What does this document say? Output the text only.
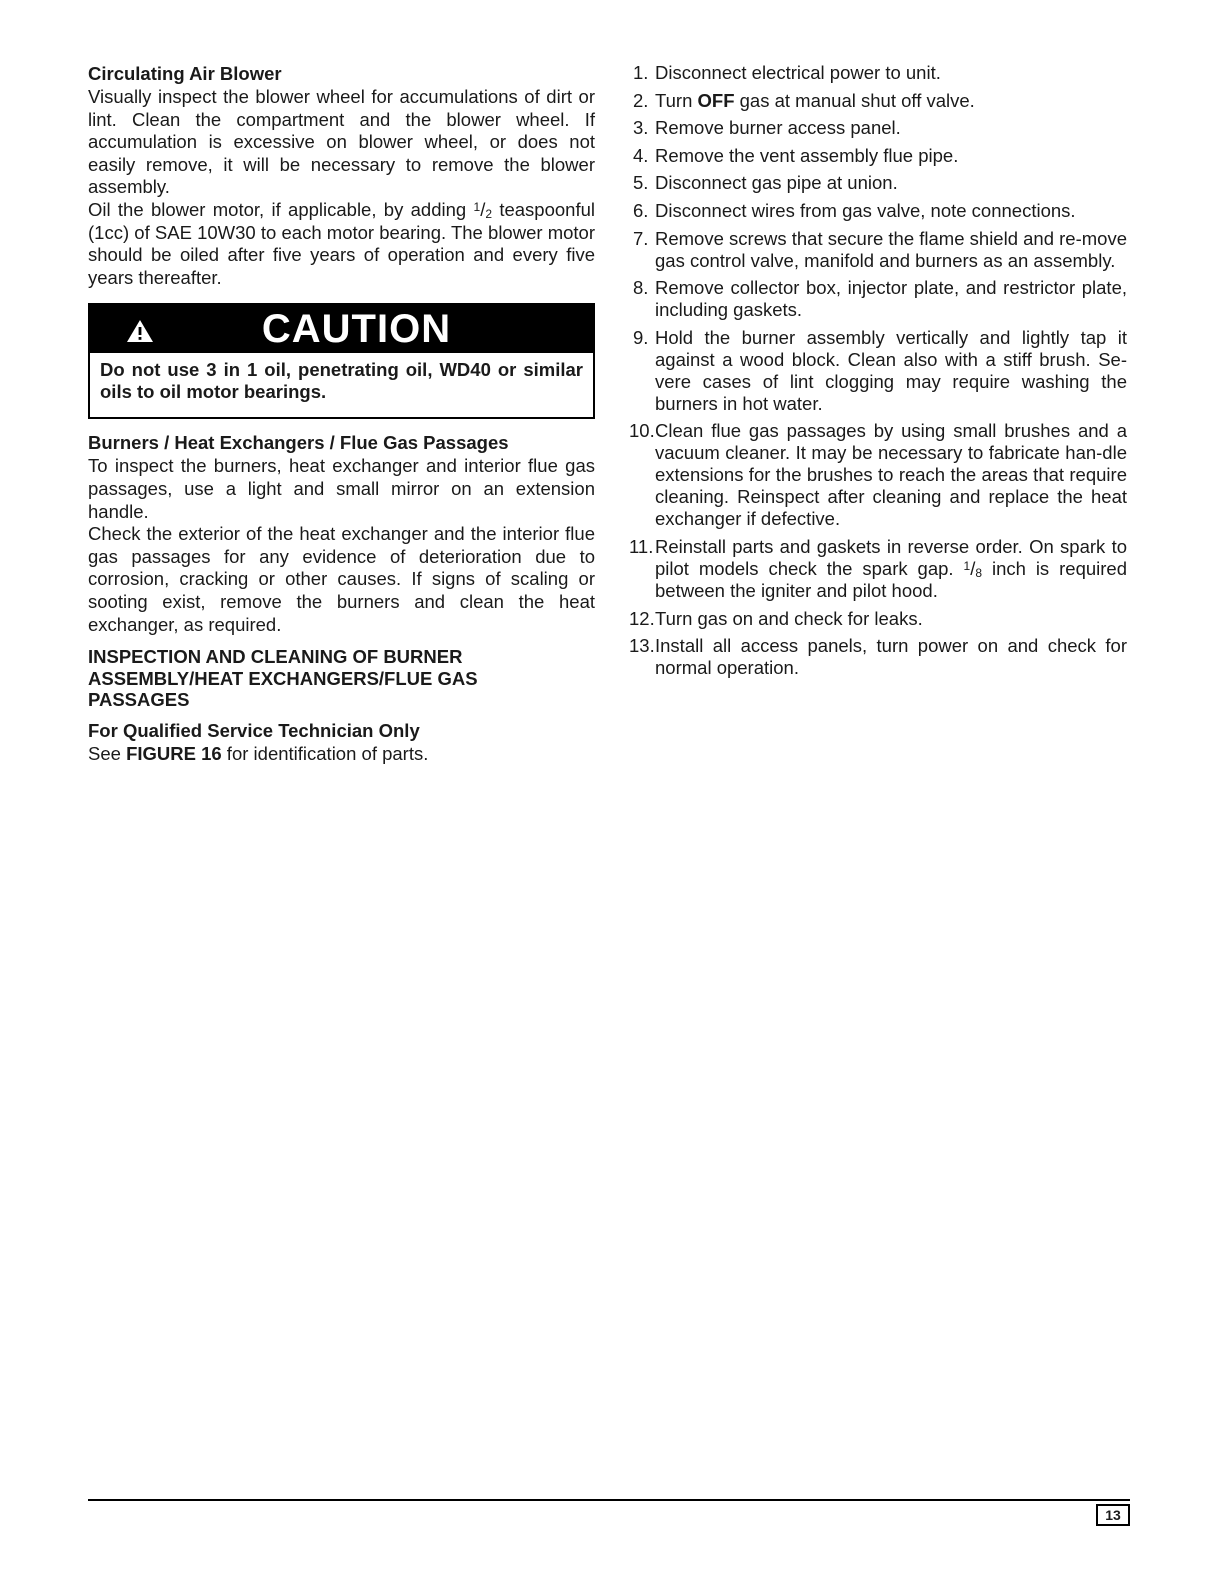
Circulating Air Blower

Visually inspect the blower wheel for accumulations of dirt or lint. Clean the compartment and the blower wheel. If accumulation is excessive on blower wheel, or does not easily remove, it will be necessary to remove the blower assembly.

Oil the blower motor, if applicable, by adding $^1/_2$ teaspoonful (1cc) of SAE 10W30 to each motor bearing. The blower motor should be oiled after five years of operation and every five years thereafter.

CAUTION
Do not use 3 in 1 oil, penetrating oil, WD40 or similar oils to oil motor bearings.
Burners / Heat Exchangers / Flue Gas Passages

To inspect the burners, heat exchanger and interior flue gas passages, use a light and small mirror on an extension handle.

Check the exterior of the heat exchanger and the interior flue gas passages for any evidence of deterioration due to corrosion, cracking or other causes. If signs of scaling or sooting exist, remove the burners and clean the heat exchanger, as required.

INSPECTION AND CLEANING OF BURNER ASSEMBLY/HEAT EXCHANGERS/FLUE GAS PASSAGES
For Qualified Service Technician Only

See FIGURE 16 for identification of parts.

1. Disconnect electrical power to unit.
2. Turn OFF gas at manual shut off valve.
3. Remove burner access panel.
4. Remove the vent assembly flue pipe.
5. Disconnect gas pipe at union.
6. Disconnect wires from gas valve, note connections.
7. Remove screws that secure the flame shield and re-move gas control valve, manifold and burners as an assembly.
8. Remove collector box, injector plate, and restrictor plate, including gaskets.
9. Hold the burner assembly vertically and lightly tap it against a wood block. Clean also with a stiff brush. Se-vere cases of lint clogging may require washing the burners in hot water.
10. Clean flue gas passages by using small brushes and a vacuum cleaner. It may be necessary to fabricate han-dle extensions for the brushes to reach the areas that require cleaning. Reinspect after cleaning and replace the heat exchanger if defective.
11. Reinstall parts and gaskets in reverse order. On spark to pilot models check the spark gap. $^1/_8$ inch is required between the igniter and pilot hood.
12. Turn gas on and check for leaks.
13. Install all access panels, turn power on and check for normal operation.
13
